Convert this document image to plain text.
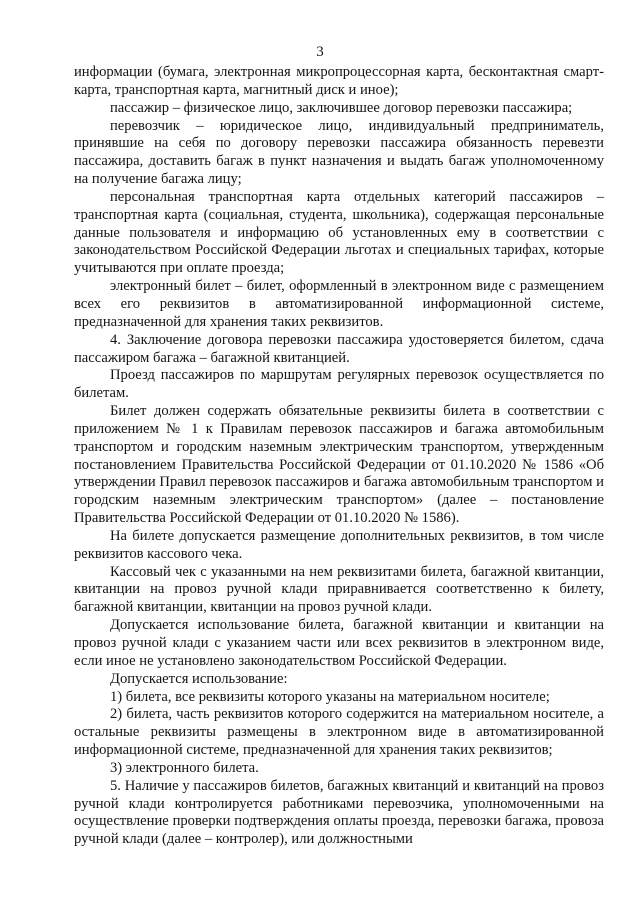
3

информации (бумага, электронная микропроцессорная карта, бесконтактная смарт-карта, транспортная карта, магнитный диск и иное);

пассажир – физическое лицо, заключившее договор перевозки пассажира;

перевозчик – юридическое лицо, индивидуальный предприниматель, принявшие на себя по договору перевозки пассажира обязанность перевезти пассажира, доставить багаж в пункт назначения и выдать багаж уполномоченному на получение багажа лицу;

персональная транспортная карта отдельных категорий пассажиров – транспортная карта (социальная, студента, школьника), содержащая персональные данные пользователя и информацию об установленных ему в соответствии с законодательством Российской Федерации льготах и специальных тарифах, которые учитываются при оплате проезда;

электронный билет – билет, оформленный в электронном виде с размещением всех его реквизитов в автоматизированной информационной системе, предназначенной для хранения таких реквизитов.

4. Заключение договора перевозки пассажира удостоверяется билетом, сдача пассажиром багажа – багажной квитанцией.

Проезд пассажиров по маршрутам регулярных перевозок осуществляется по билетам.

Билет должен содержать обязательные реквизиты билета в соответствии с приложением № 1 к Правилам перевозок пассажиров и багажа автомобильным транспортом и городским наземным электрическим транспортом, утвержденным постановлением Правительства Российской Федерации от 01.10.2020 № 1586 «Об утверждении Правил перевозок пассажиров и багажа автомобильным транспортом и городским наземным электрическим транспортом» (далее – постановление Правительства Российской Федерации от 01.10.2020 № 1586).

На билете допускается размещение дополнительных реквизитов, в том числе реквизитов кассового чека.

Кассовый чек с указанными на нем реквизитами билета, багажной квитанции, квитанции на провоз ручной клади приравнивается соответственно к билету, багажной квитанции, квитанции на провоз ручной клади.

Допускается использование билета, багажной квитанции и квитанции на провоз ручной клади с указанием части или всех реквизитов в электронном виде, если иное не установлено законодательством Российской Федерации.

Допускается использование:

1) билета, все реквизиты которого указаны на материальном носителе;

2) билета, часть реквизитов которого содержится на материальном носителе, а остальные реквизиты размещены в электронном виде в автоматизированной информационной системе, предназначенной для хранения таких реквизитов;

3) электронного билета.

5. Наличие у пассажиров билетов, багажных квитанций и квитанций на провоз ручной клади контролируется работниками перевозчика, уполномоченными на осуществление проверки подтверждения оплаты проезда, перевозки багажа, провоза ручной клади (далее – контролер), или должностными
